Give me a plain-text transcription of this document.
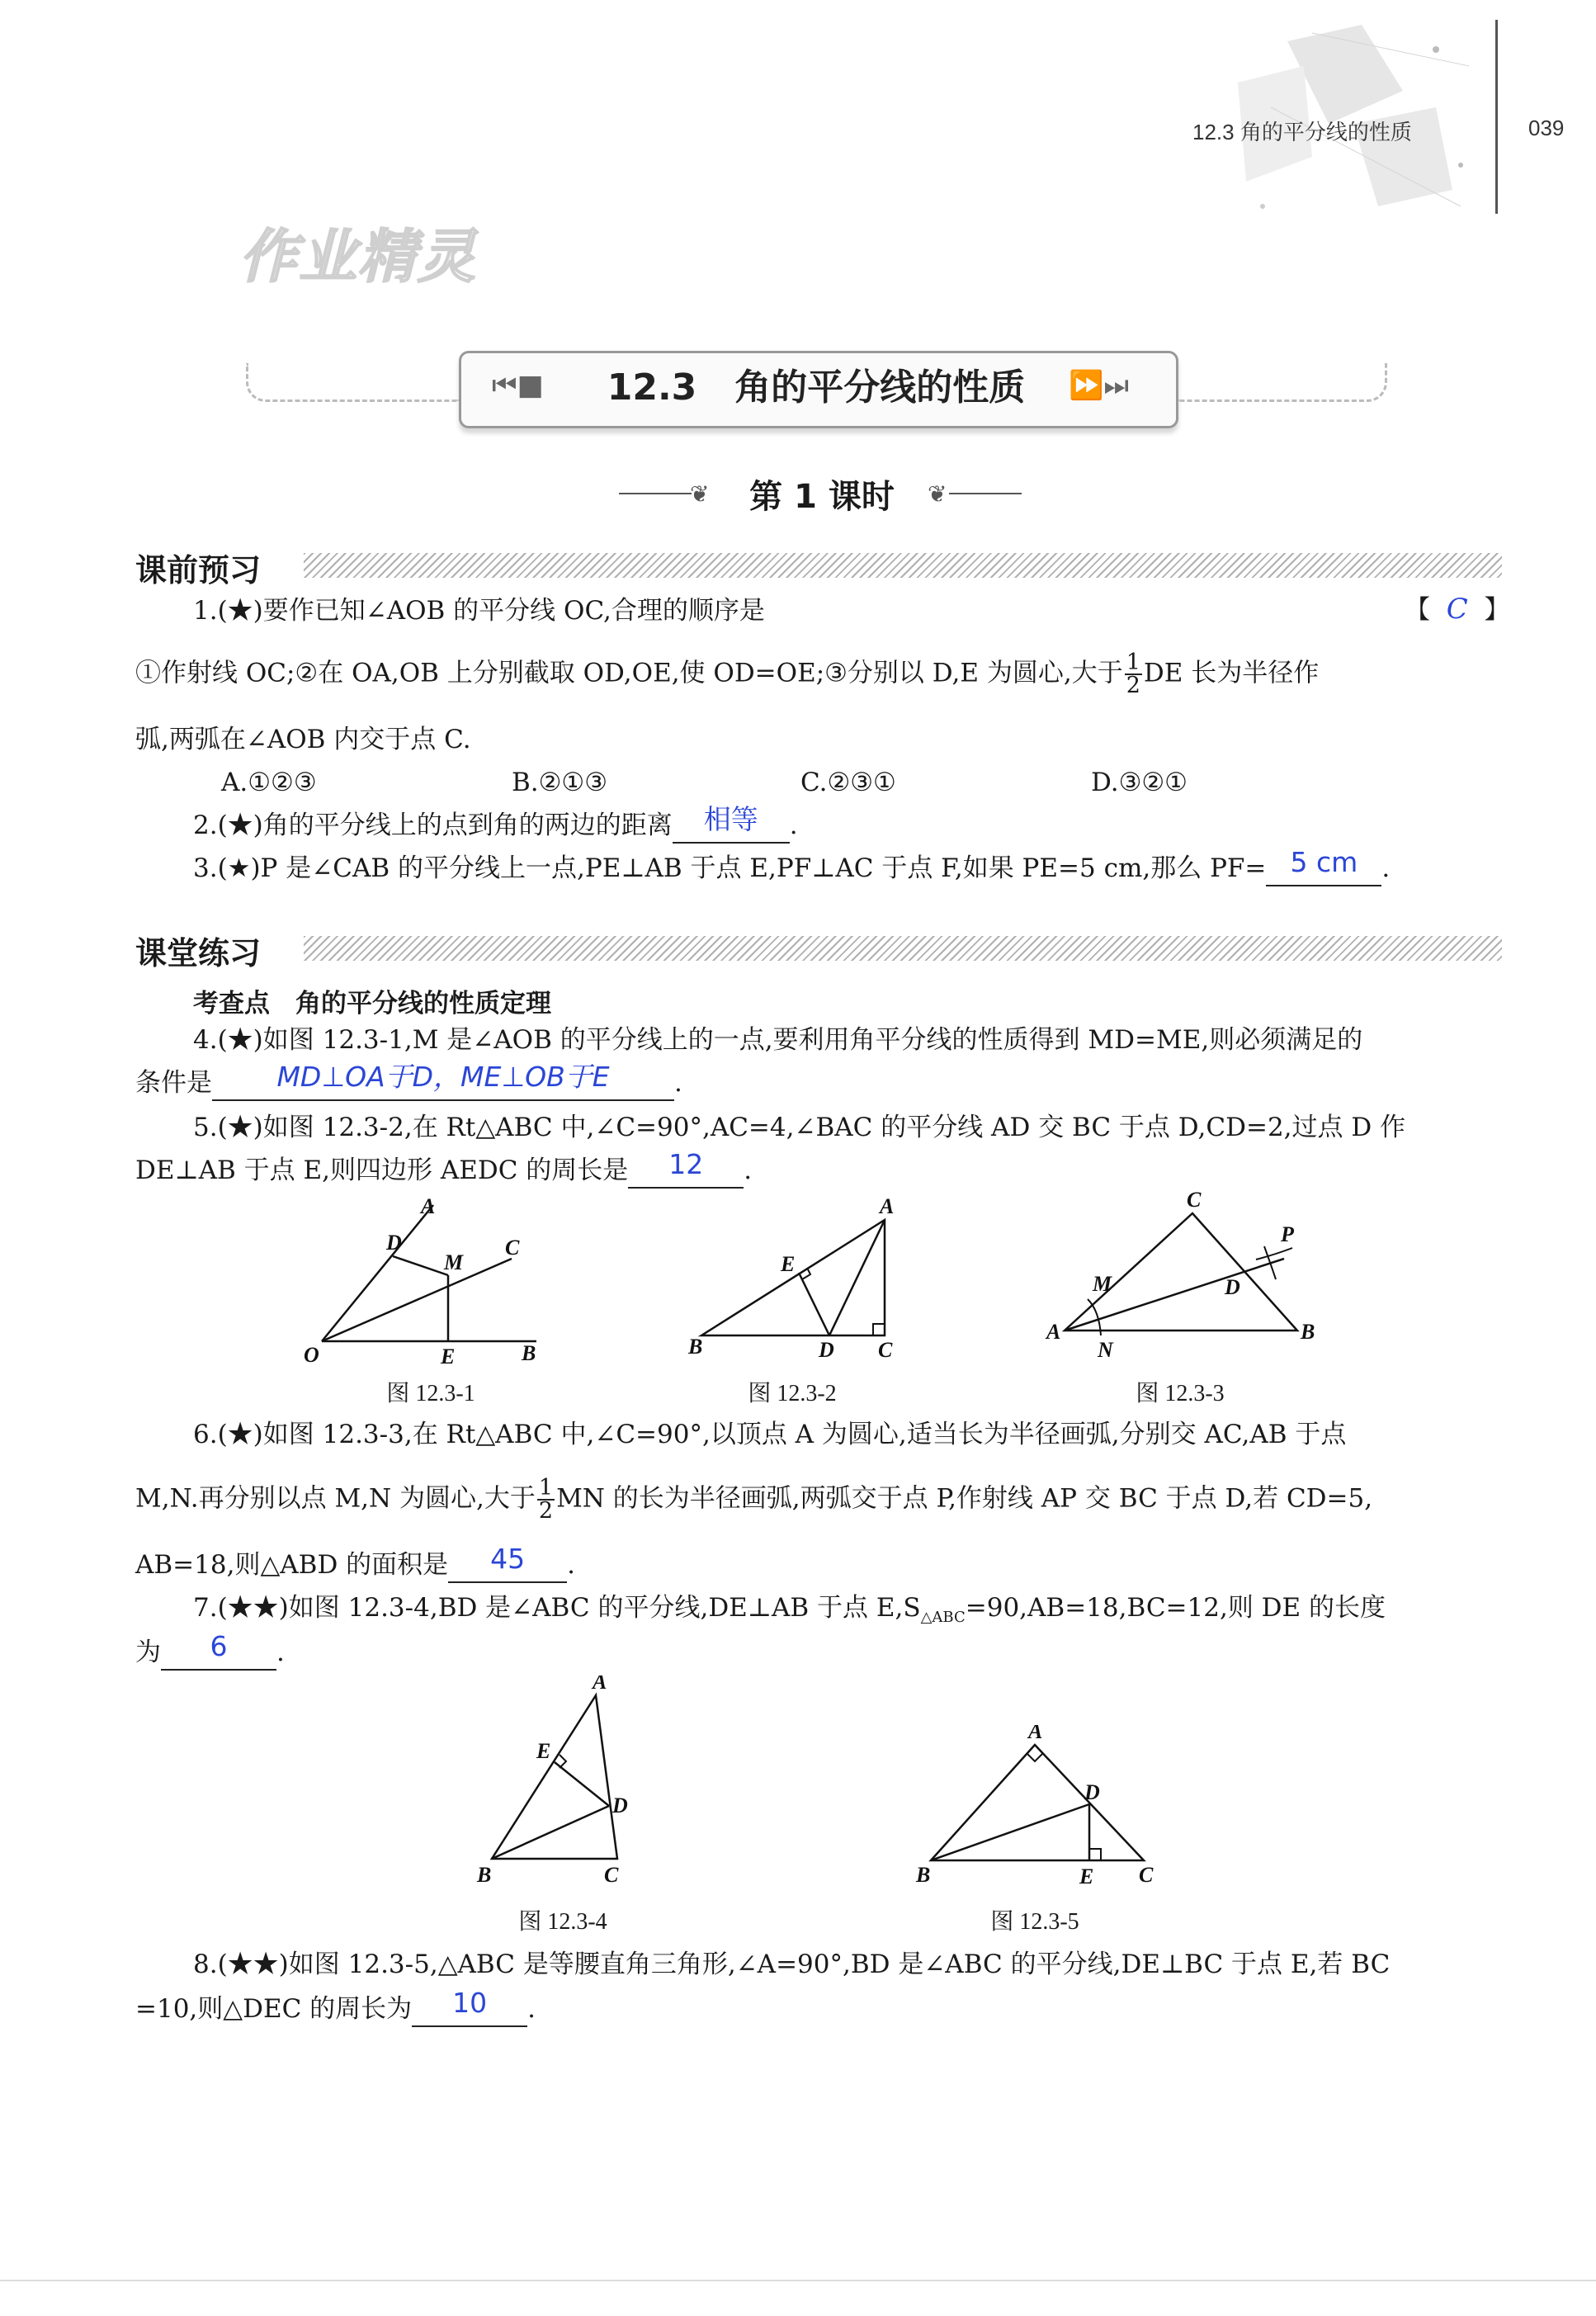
12.3 角的平分线的性质	039
作业精灵
⏮■	⏩⏭
12.3 角的平分线的性质
❦	第 1 课时	❦
课前预习
1.(★)要作已知∠AOB 的平分线 OC,合理的顺序是	【 C 】
①作射线 OC;②在 OA,OB 上分别截取 OD,OE,使 OD=OE;③分别以 D,E 为圆心,大于 $\frac{1}{2}$ DE 长为半径作
弧,两弧在∠AOB 内交于点 C.
A.①②③	B.②①③	C.②③①	D.③②①
2.(★)角的平分线上的点到角的两边的距离 相等 .
3.(★)P 是∠CAB 的平分线上一点,PE⊥AB 于点 E,PF⊥AC 于点 F,如果 PE=5 cm,那么 PF= 5 cm .
课堂练习
考查点　角的平分线的性质定理
4.(★)如图 12.3-1,M 是∠AOB 的平分线上的一点,要利用角平分线的性质得到 MD=ME,则必须满足的
条件是 MD⊥OA于D，ME⊥OB于E	.
5.(★)如图 12.3-2,在 Rt△ABC 中,∠C=90°,AC=4,∠BAC 的平分线 AD 交 BC 于点 D,CD=2,过点 D 作
DE⊥AB 于点 E,则四边形 AEDC 的周长是 12 .
A
D
M
C
O	E	B
A
E
B	D C
C
P
M	D
A
N
B
图 12.3-1	图 12.3-2	图 12.3-3
6.(★)如图 12.3-3,在 Rt△ABC 中,∠C=90°,以顶点 A 为圆心,适当长为半径画弧,分别交 AC,AB 于点
M,N.再分别以点 M,N 为圆心,大于 $\frac{1}{2}$ MN 的长为半径画弧,两弧交于点 P,作射线 AP 交 BC 于点 D,若 CD=5,
AB=18,则△ABD 的面积是 45 .
7.(★★)如图 12.3-4,BD 是∠ABC 的平分线,DE⊥AB 于点 $E,S_{\triangle ABC}=90,AB=18,BC=12$,则 DE 的长度
为 6 .
A
E
D
B	C
A
D
B	E C
图 12.3-4	图 12.3-5
8.(★★)如图 12.3-5,△ABC 是等腰直角三角形,∠A=90°,BD 是∠ABC 的平分线,DE⊥BC 于点 E,若 BC
=10,则△DEC 的周长为 10 .
